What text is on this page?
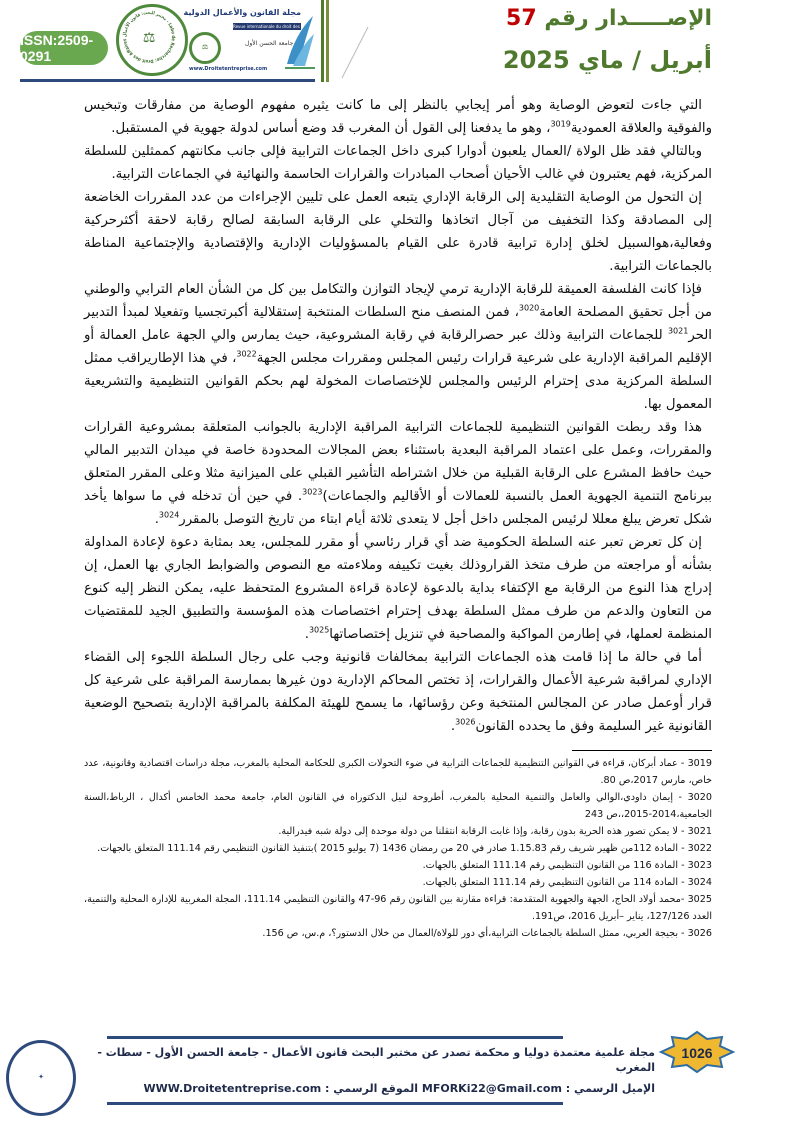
ISSN:2509-0291
مختبر البحث: قانون الأعمال - Labo de Recherche: Droit des Affaires	⚖
مجلة القانون والأعمال الدولية
Revue internationale du droit des affaires
⚖	جامعة الحسن الأول
www.Droitetentreprise.com
الإصـــــدار رقم 57
أبريل / ماي 2025

التي جاءت لتعوض الوصاية وهو أمر إيجابي بالنظر إلى ما كانت يثيره مفهوم الوصاية من مفارقات وتبخيس والفوقية والعلاقة العمودية$^{3019}$، وهو ما يدفعنا إلى القول أن المغرب قد وضع أساس لدولة جهوية في المستقبل.

وبالتالي فقد ظل الولاة /العمال يلعبون أدوارا كبرى داخل الجماعات الترابية فإلى جانب مكانتهم كممثلين للسلطة المركزية، فهم يعتبرون في غالب الأحيان أصحاب المبادرات والقرارات الحاسمة والنهائية في الجماعات الترابية.

إن التحول من الوصاية التقليدية إلى الرقابة الإداري يتبعه العمل على تليين الإجراءات من عدد المقررات الخاضعة إلى المصادقة وكذا التخفيف من آجال اتخاذها والتخلي على الرقابة السابقة لصالح رقابة لاحقة أكثرحركية وفعالية،هوالسبيل لخلق إدارة ترابية قادرة على القيام بالمسؤوليات الإدارية والإقتصادية والإجتماعية المناطة بالجماعات الترابية.

فإذا كانت الفلسفة العميقة للرقابة الإدارية ترمي لإيجاد التوازن والتكامل بين كل من الشأن العام الترابي والوطني من أجل تحقيق المصلحة العامة$^{3020}$، فمن المنصف منح السلطات المنتخبة إستقلالية أكبرتجسيا وتفعيلا لمبدأ التدبير الحر$^{3021}$ للجماعات الترابية وذلك عبر حصرالرقابة في رقابة المشروعية، حيث يمارس والي الجهة عامل العمالة أو الإقليم المراقبة الإدارية على شرعية قرارات رئيس المجلس ومقررات مجلس الجهة$^{3022}$، في هذا الإطاريراقب ممثل السلطة المركزية مدى إحترام الرئيس والمجلس للإختصاصات المخولة لهم بحكم القوانين التنظيمية والتشريعية المعمول بها.

هذا وقد ربطت القوانين التنظيمية للجماعات الترابية المراقبة الإدارية بالجوانب المتعلقة بمشروعية القرارات والمقررات، وعمل على اعتماد المراقبة البعدية باستثناء بعض المجالات المحدودة خاصة في ميدان التدبير المالي حيث حافظ المشرع على الرقابة القبلية من خلال اشتراطه التأشير القبلي على الميزانية مثلا وعلى المقرر المتعلق ببرنامج التنمية الجهوية العمل بالنسبة للعمالات أو الأقاليم والجماعات)$^{3023}$. في حين أن تدخله في ما سواها يأخد شكل تعرض يبلغ معللا لرئيس المجلس داخل أجل لا يتعدى ثلاثة أيام ابتاء من تاريخ التوصل بالمقرر$^{3024}$.

إن كل تعرض تعبر عنه السلطة الحكومية ضد أي قرار رئاسي أو مقرر للمجلس، يعد بمثابة دعوة لإعادة المداولة بشأنه أو مراجعته من طرف متخذ القراروذلك بغيت تكييفه وملاءمته مع النصوص والضوابط الجاري بها العمل، إن إدراج هذا النوع من الرقابة مع الإكتفاء بداية بالدعوة لإعادة قراءة المشروع المتحفظ عليه، يمكن النظر إليه كنوع من التعاون والدعم من طرف ممثل السلطة بهدف إحترام اختصاصات هذه المؤسسة والتطبيق الجيد للمقتضيات المنظمة لعملها، في إطارمن المواكبة والمصاحبة في تنزيل إختصاصاتها$^{3025}$.

أما في حالة ما إذا قامت هذه الجماعات الترابية بمخالفات قانونية وجب على رجال السلطة اللجوء إلى القضاء الإداري لمراقبة شرعية الأعمال والقرارات، إذ تختص المحاكم الإدارية دون غيرها بممارسة المراقبة على شرعية كل قرار أوعمل صادر عن المجالس المنتخبة وعن رؤسائها، ما يسمح للهيئة المكلفة بالمراقبة الإدارية بتصحيح الوضعية القانونية غير السليمة وفق ما يحدده القانون$^{3026}$.

3019 - عماد أبركان، قراءة في القوانين التنظيمية للجماعات الترابية في ضوء التحولات الكبرى للحكامة المحلية بالمغرب، مجلة دراسات اقتصادية وقانونية، عدد خاص، مارس 2017،ص 80.

3020 - إيمان داودي،الوالي والعامل والتنمية المحلية بالمغرب، أطروحة لنيل الدكتوراه في القانون العام، جامعة محمد الخامس أكدال ، الرباط،السنة الجامعية،2014-2015،،ص 243

3021 - لا يمكن تصور هذه الحرية بدون رقابة، وإذا غابت الرقابة انتقلنا من دولة موحدة إلى دولة شبه فيدرالية.

3022 - المادة 112من ظهير شريف رقم 1.15.83 صادر في 20 من رمضان 1436 (7 يوليو 2015 )بتنفيذ القانون التنظيمي رقم 111.14 المتعلق بالجهات.

3023 - المادة 116 من القانون التنظيمي رقم 111.14 المتعلق بالجهات.

3024 - المادة 114 من القانون التنظيمي رقم 111.14 المتعلق بالجهات.

3025 -محمد أولاد الحاج، الجهة والجهوية المتقدمة: قراءة مقارنة بين القانون رقم 96-47 والقانون التنظيمي 111.14، المجلة المغربية للإدارة المحلية والتنمية، العدد 127/126، يناير –أبريل 2016، ص191.

3026 - بجيجة العربي، ممثل السلطة بالجماعات الترابية،أي دور للولاة/العمال من خلال الدستور؟، م.س، ص 156.

1026
مجلة علمية معتمدة دوليا و محكمة تصدر عن مختبر البحث قانون الأعمال - جامعة الحسن الأول - سطات - المغرب
الإميل الرسمي : MFORKi22@Gmail.com الموقع الرسمي : WWW.Droitetentreprise.com
✦
